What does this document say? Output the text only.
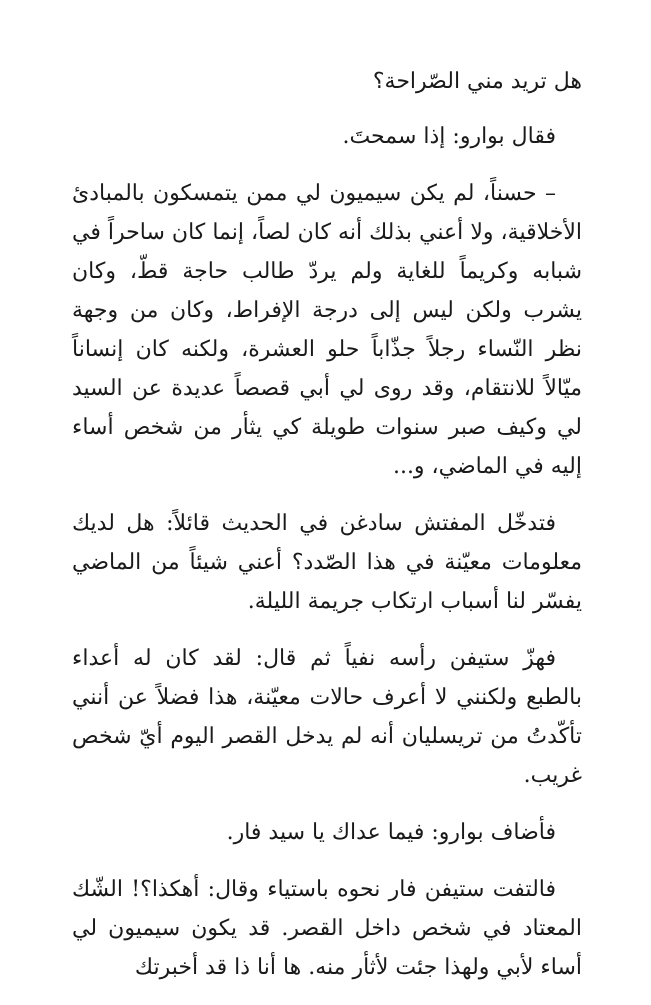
هل تريد مني الصّراحة؟

فقال بوارو: إذا سمحتَ.

– حسناً، لم يكن سيميون لي ممن يتمسكون بالمبادئ الأخلاقية، ولا أعني بذلك أنه كان لصاً، إنما كان ساحراً في شبابه وكريماً للغاية ولم يردّ طالب حاجة قطّ، وكان يشرب ولكن ليس إلى درجة الإفراط، وكان من وجهة نظر النّساء رجلاً جذّاباً حلو العشرة، ولكنه كان إنساناً ميّالاً للانتقام، وقد روى لي أبي قصصاً عديدة عن السيد لي وكيف صبر سنوات طويلة كي يثأر من شخص أساء إليه في الماضي، و...

فتدخّل المفتش سادغن في الحديث قائلاً: هل لديك معلومات معيّنة في هذا الصّدد؟ أعني شيئاً من الماضي يفسّر لنا أسباب ارتكاب جريمة الليلة.

فهزّ ستيفن رأسه نفياً ثم قال: لقد كان له أعداء بالطبع ولكنني لا أعرف حالات معيّنة، هذا فضلاً عن أنني تأكّدتُ من تريسليان أنه لم يدخل القصر اليوم أيّ شخص غريب.

فأضاف بوارو: فيما عداك يا سيد فار.

فالتفت ستيفن فار نحوه باستياء وقال: أهكذا؟! الشّك المعتاد في شخص داخل القصر. قد يكون سيميون لي أساء لأبي ولهذا جئت لأثأر منه. ها أنا ذا قد أخبرتك
